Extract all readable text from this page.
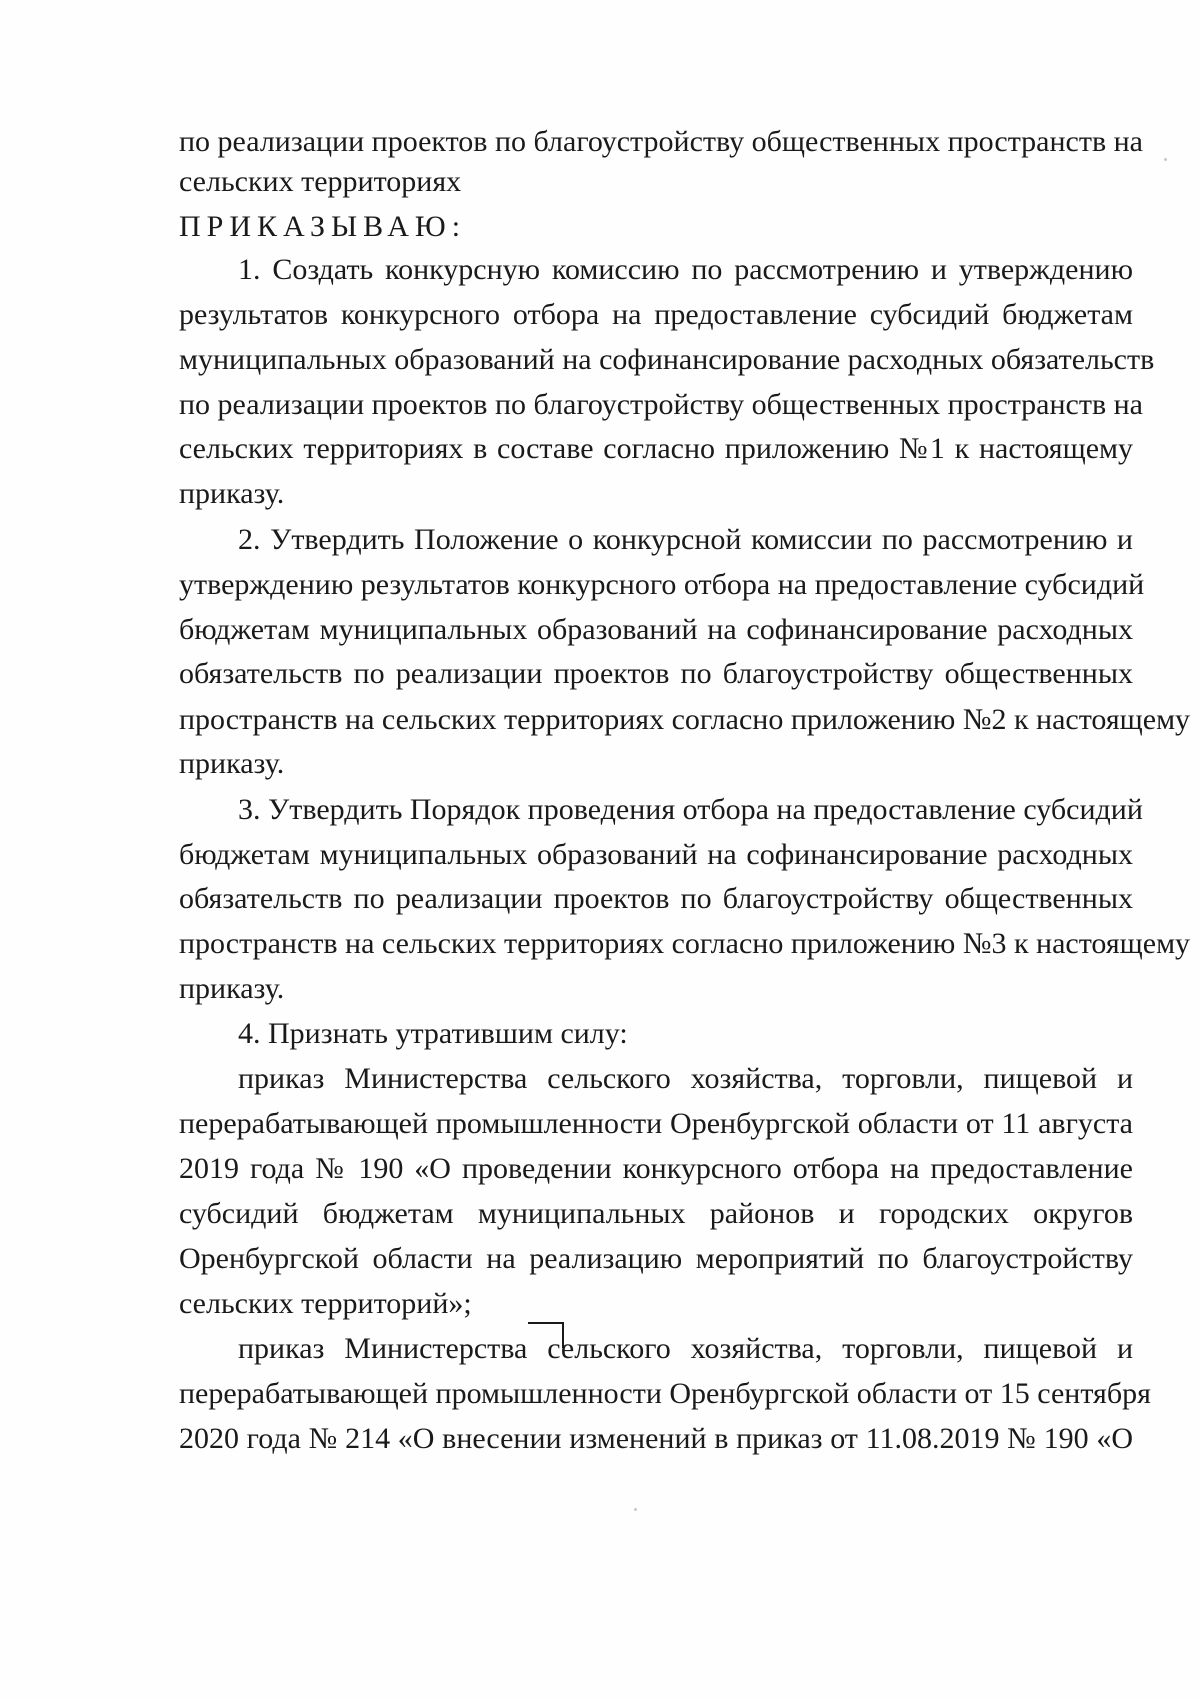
по реализации проектов по благоустройству общественных пространств на
сельских территориях
ПРИКАЗЫВАЮ:
1. Создать конкурсную комиссию по рассмотрению и утверждению
результатов конкурсного отбора на предоставление субсидий бюджетам
муниципальных образований на софинансирование расходных обязательств
по реализации проектов по благоустройству общественных пространств на
сельских территориях в составе согласно приложению №1 к настоящему
приказу.
2. Утвердить Положение о конкурсной комиссии по рассмотрению и
утверждению результатов конкурсного отбора на предоставление субсидий
бюджетам муниципальных образований на софинансирование расходных
обязательств по реализации проектов по благоустройству общественных
пространств на сельских территориях согласно приложению №2 к настоящему
приказу.
3. Утвердить Порядок проведения отбора на предоставление субсидий
бюджетам муниципальных образований на софинансирование расходных
обязательств по реализации проектов по благоустройству общественных
пространств на сельских территориях согласно приложению №3 к настоящему
приказу.
4. Признать утратившим силу:
приказ Министерства сельского хозяйства, торговли, пищевой и
перерабатывающей промышленности Оренбургской области от 11 августа
2019 года № 190 «О проведении конкурсного отбора на предоставление
субсидий бюджетам муниципальных районов и городских округов
Оренбургской области на реализацию мероприятий по благоустройству
сельских территорий»;
приказ Министерства сельского хозяйства, торговли, пищевой и
перерабатывающей промышленности Оренбургской области от 15 сентября
2020 года № 214 «О внесении изменений в приказ от 11.08.2019 № 190 «О
